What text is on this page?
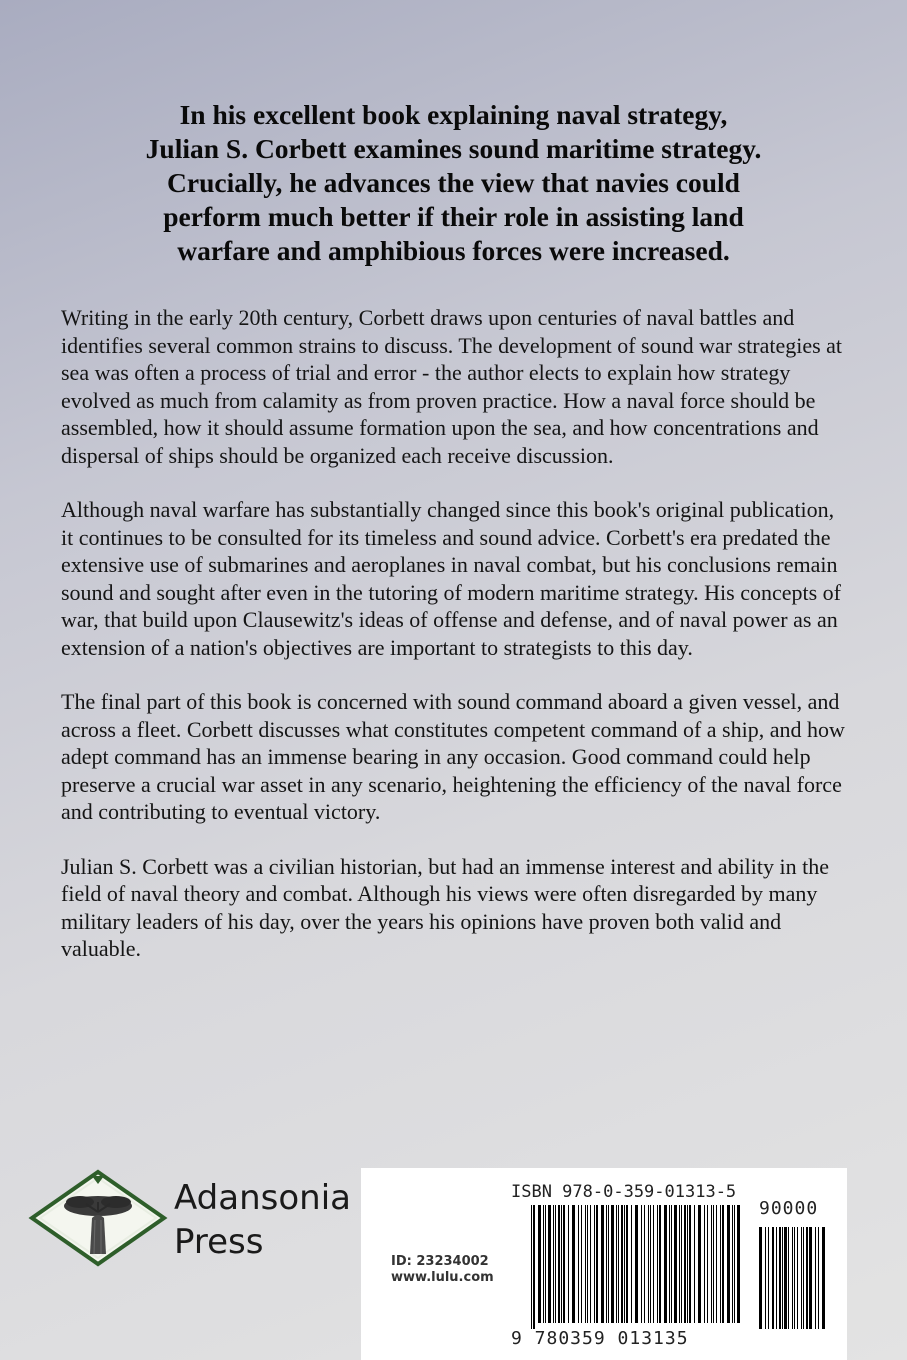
In his excellent book explaining naval strategy,
Julian S. Corbett examines sound maritime strategy.
Crucially, he advances the view that navies could
perform much better if their role in assisting land
warfare and amphibious forces were increased.

Writing in the early 20th century, Corbett draws upon centuries of naval battles and identifies several common strains to discuss. The development of sound war strategies at sea was often a process of trial and error - the author elects to explain how strategy evolved as much from calamity as from proven practice. How a naval force should be assembled, how it should assume formation upon the sea, and how concentrations and dispersal of ships should be organized each receive discussion.

Although naval warfare has substantially changed since this book's original publication, it continues to be consulted for its timeless and sound advice. Corbett's era predated the extensive use of submarines and aeroplanes in naval combat, but his conclusions remain sound and sought after even in the tutoring of modern maritime strategy. His concepts of war, that build upon Clausewitz's ideas of offense and defense, and of naval power as an extension of a nation's objectives are important to strategists to this day.

The final part of this book is concerned with sound command aboard a given vessel, and across a fleet. Corbett discusses what constitutes competent command of a ship, and how adept command has an immense bearing in any occasion. Good command could help preserve a crucial war asset in any scenario, heightening the efficiency of the naval force and contributing to eventual victory.

Julian S. Corbett was a civilian historian, but had an immense interest and ability in the field of naval theory and combat. Although his views were often disregarded by many military leaders of his day, over the years his opinions have proven both valid and valuable.

Adansonia
Press
ISBN 978-0-359-01313-5
ID: 23234002
www.lulu.com
9 780359 013135
90000
